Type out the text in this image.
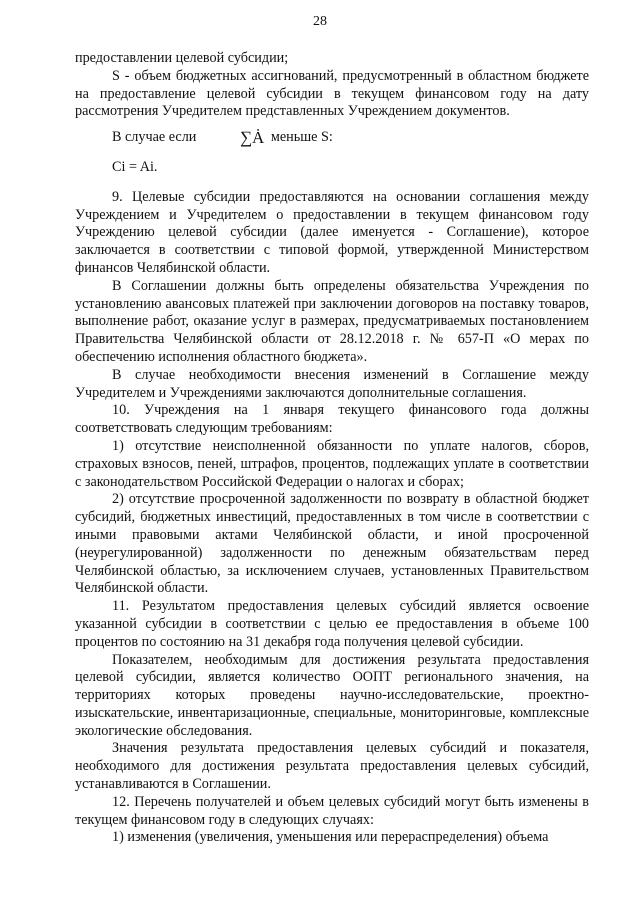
28

предоставлении целевой субсидии;

S - объем бюджетных ассигнований, предусмотренный в областном бюджете на предоставление целевой субсидии в текущем финансовом году на дату рассмотрения Учредителем представленных Учреждением документов.

В случае если	∑Ȧ меньше S:

Ci = Ai.

9. Целевые субсидии предоставляются на основании соглашения между Учреждением и Учредителем о предоставлении в текущем финансовом году Учреждению целевой субсидии (далее именуется - Соглашение), которое заключается в соответствии с типовой формой, утвержденной Министерством финансов Челябинской области.

В Соглашении должны быть определены обязательства Учреждения по установлению авансовых платежей при заключении договоров на поставку товаров, выполнение работ, оказание услуг в размерах, предусматриваемых постановлением Правительства Челябинской области от 28.12.2018 г. № 657-П «О мерах по обеспечению исполнения областного бюджета».

В случае необходимости внесения изменений в Соглашение между Учредителем и Учреждениями заключаются дополнительные соглашения.

10. Учреждения на 1 января текущего финансового года должны соответствовать следующим требованиям:

1) отсутствие неисполненной обязанности по уплате налогов, сборов, страховых взносов, пеней, штрафов, процентов, подлежащих уплате в соответствии с законодательством Российской Федерации о налогах и сборах;

2) отсутствие просроченной задолженности по возврату в областной бюджет субсидий, бюджетных инвестиций, предоставленных в том числе в соответствии с иными правовыми актами Челябинской области, и иной просроченной (неурегулированной) задолженности по денежным обязательствам перед Челябинской областью, за исключением случаев, установленных Правительством Челябинской области.

11. Результатом предоставления целевых субсидий является освоение указанной субсидии в соответствии с целью ее предоставления в объеме 100 процентов по состоянию на 31 декабря года получения целевой субсидии.

Показателем, необходимым для достижения результата предоставления целевой субсидии, является количество ООПТ регионального значения, на территориях которых проведены научно-исследовательские, проектно-изыскательские, инвентаризационные, специальные, мониторинговые, комплексные экологические обследования.

Значения результата предоставления целевых субсидий и показателя, необходимого для достижения результата предоставления целевых субсидий, устанавливаются в Соглашении.

12. Перечень получателей и объем целевых субсидий могут быть изменены в текущем финансовом году в следующих случаях:

1) изменения (увеличения, уменьшения или перераспределения) объема
